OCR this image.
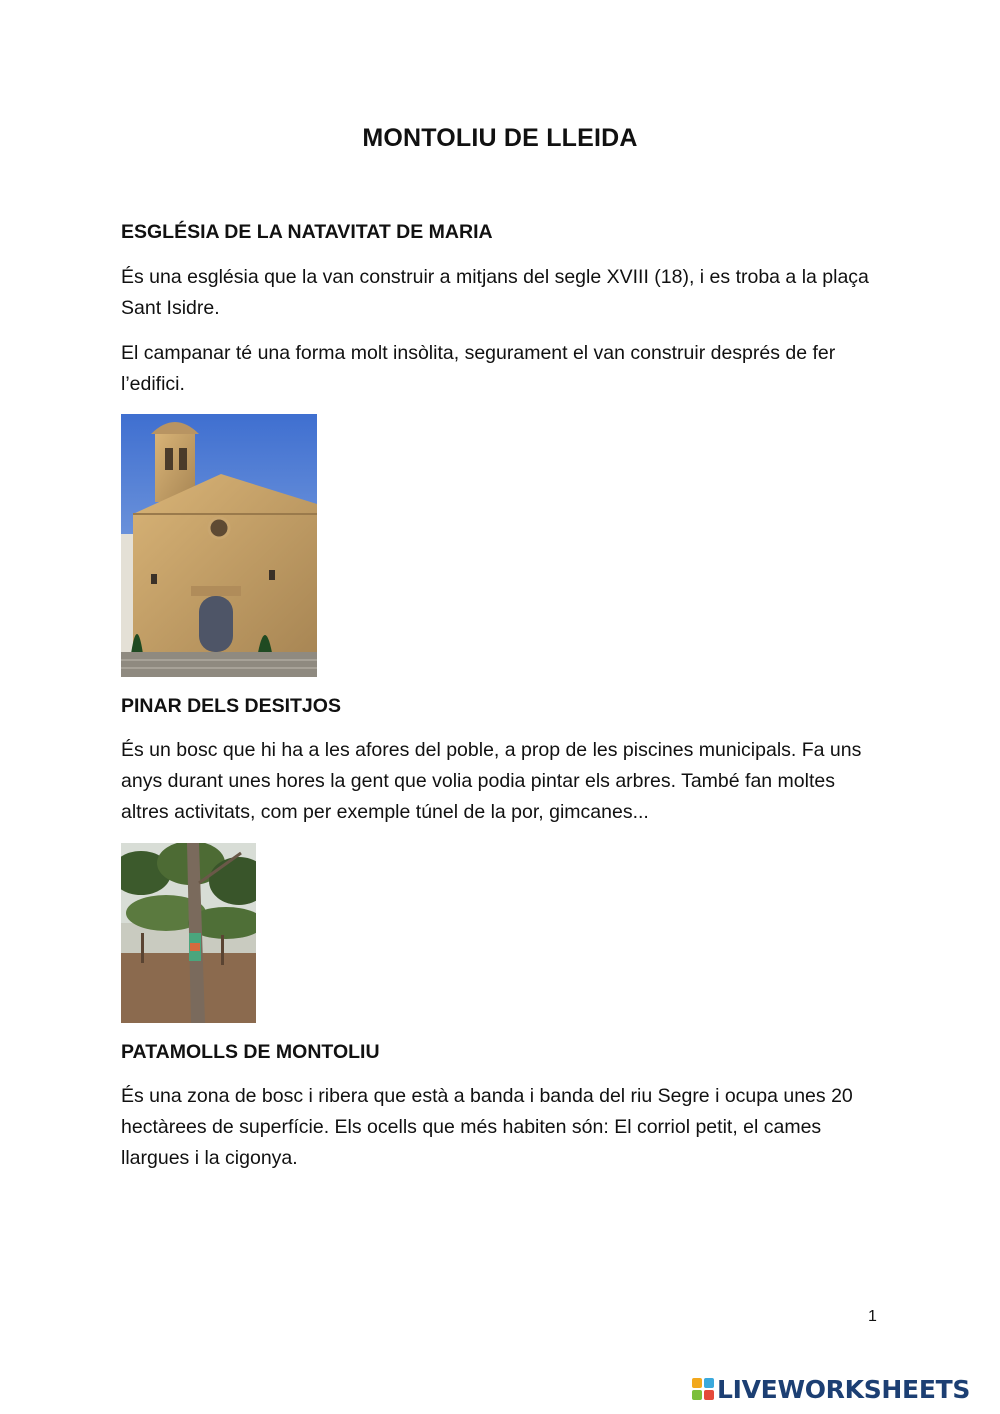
MONTOLIU DE LLEIDA
ESGLÉSIA DE LA NATAVITAT DE MARIA
És una església que la van construir a mitjans del segle XVIII (18), i es troba a la plaça Sant Isidre.
El campanar té una forma molt insòlita, segurament el van construir després de fer l’edifici.
PINAR DELS DESITJOS
És un bosc que hi ha a les afores del poble, a prop de les piscines municipals. Fa uns anys durant unes hores la gent que volia podia pintar els arbres. També fan moltes altres activitats, com per exemple túnel de la por, gimcanes...
PATAMOLLS DE MONTOLIU
És una zona de bosc i ribera que està a banda i banda del riu Segre i ocupa unes 20 hectàrees de superfície. Els ocells que més habiten són: El corriol petit, el cames llargues i la cigonya.
1
LIVEWORKSHEETS
